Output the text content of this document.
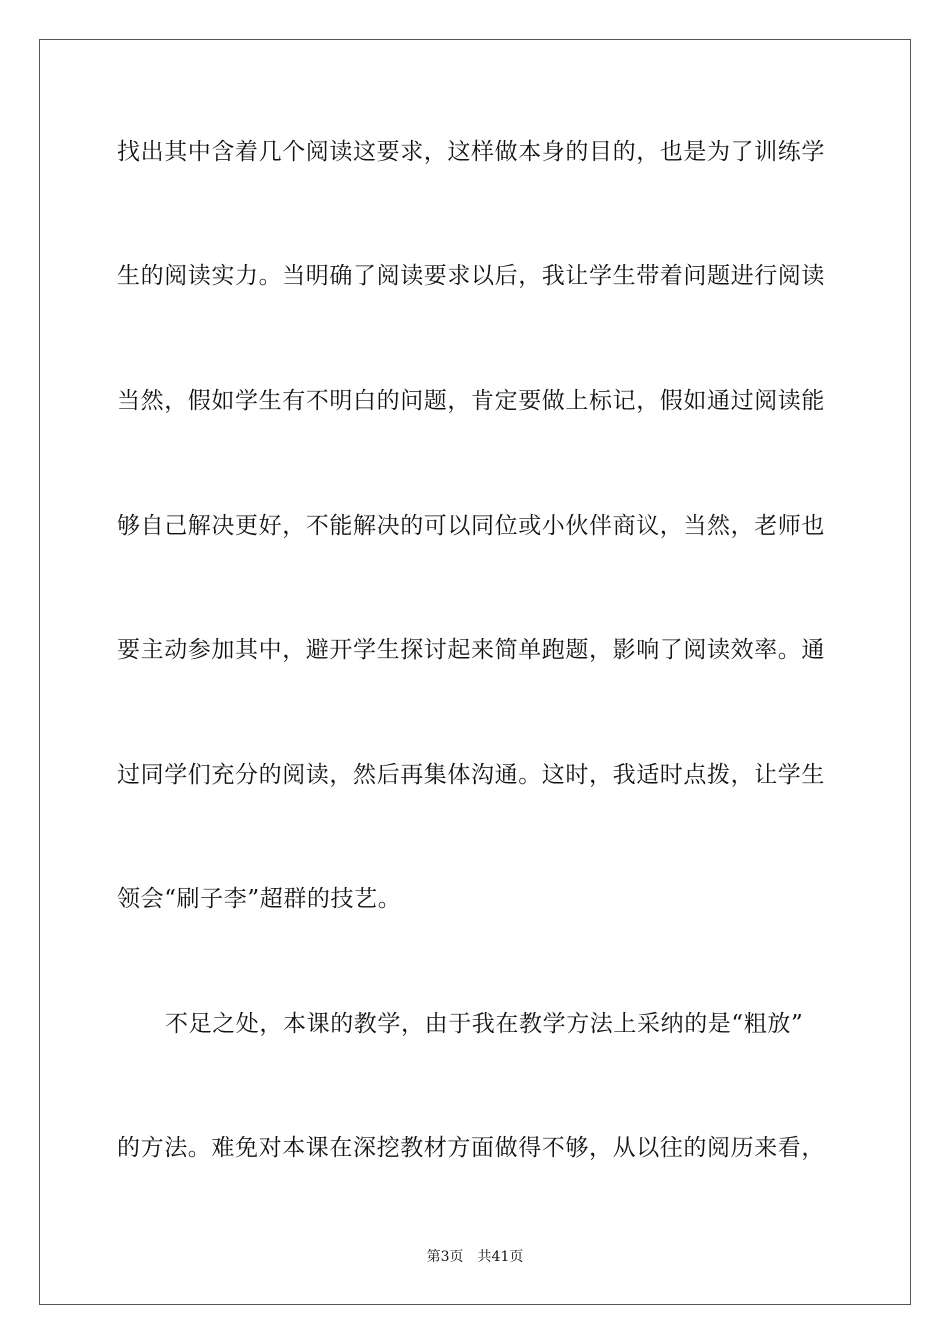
找出其中含着几个阅读这要求，这样做本身的目的，也是为了训练学
生的阅读实力。当明确了阅读要求以后，我让学生带着问题进行阅读
当然，假如学生有不明白的问题，肯定要做上标记，假如通过阅读能
够自己解决更好，不能解决的可以同位或小伙伴商议，当然，老师也
要主动参加其中，避开学生探讨起来简单跑题，影响了阅读效率。通
过同学们充分的阅读，然后再集体沟通。这时，我适时点拨，让学生
领会“刷子李”超群的技艺。
不足之处，本课的教学，由于我在教学方法上采纳的是“粗放”
的方法。难免对本课在深挖教材方面做得不够，从以往的阅历来看，
第3页 共41页
